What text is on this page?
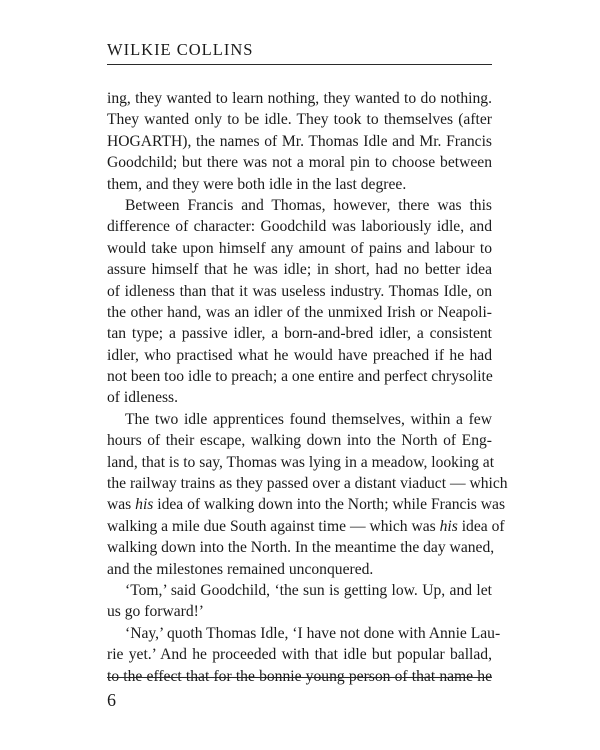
WILKIE COLLINS
ing, they wanted to learn nothing, they wanted to do nothing.
They wanted only to be idle. They took to themselves (after
HOGARTH), the names of Mr. Thomas Idle and Mr. Francis
Goodchild; but there was not a moral pin to choose between
them, and they were both idle in the last degree.
Between Francis and Thomas, however, there was this
difference of character: Goodchild was laboriously idle, and
would take upon himself any amount of pains and labour to
assure himself that he was idle; in short, had no better idea
of idleness than that it was useless industry. Thomas Idle, on
the other hand, was an idler of the unmixed Irish or Neapoli-
tan type; a passive idler, a born-and-bred idler, a consistent
idler, who practised what he would have preached if he had
not been too idle to preach; a one entire and perfect chrysolite
of idleness.
The two idle apprentices found themselves, within a few
hours of their escape, walking down into the North of Eng-
land, that is to say, Thomas was lying in a meadow, looking at
the railway trains as they passed over a distant viaduct — which
was his idea of walking down into the North; while Francis was
walking a mile due South against time — which was his idea of
walking down into the North. In the meantime the day waned,
and the milestones remained unconquered.
‘Tom,’ said Goodchild, ‘the sun is getting low. Up, and let
us go forward!’
‘Nay,’ quoth Thomas Idle, ‘I have not done with Annie Lau-
rie yet.’ And he proceeded with that idle but popular ballad,
to the effect that for the bonnie young person of that name he
6
